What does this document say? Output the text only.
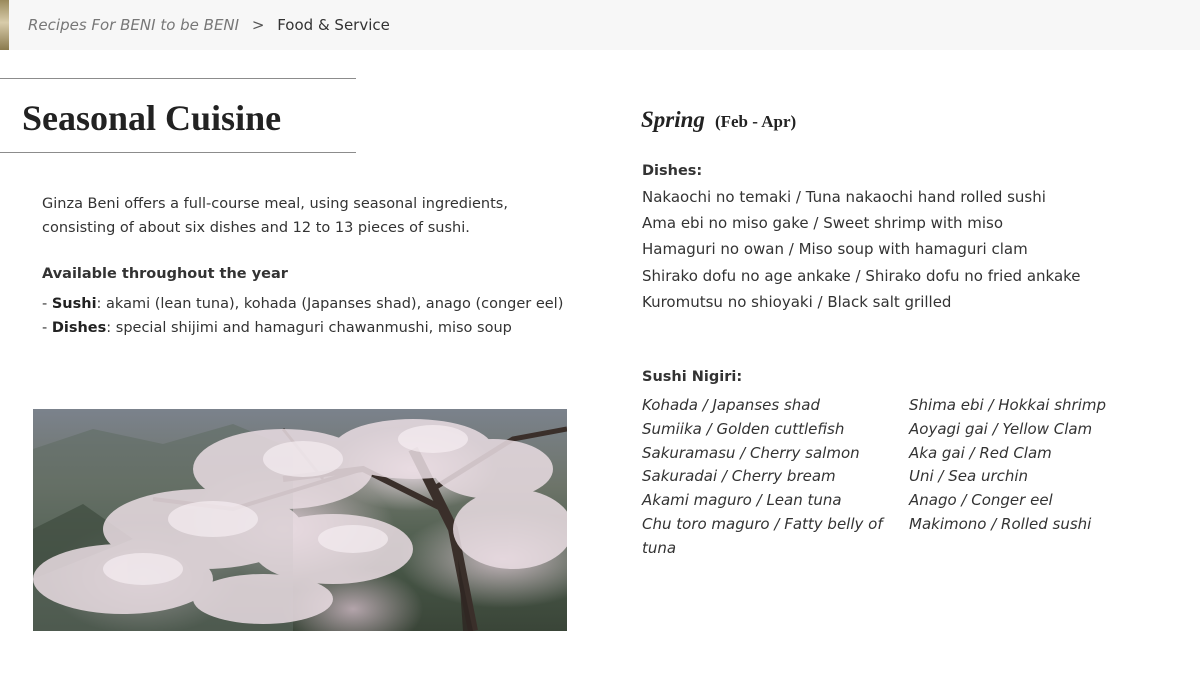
Recipes For BENI to be BENI > Food & Service
Seasonal Cuisine

Ginza Beni offers a full-course meal, using seasonal ingredients, consisting of about six dishes and 12 to 13 pieces of sushi.

Available throughout the year
- Sushi: akami (lean tuna), kohada (Japanses shad), anago (conger eel)
- Dishes: special shijimi and hamaguri chawanmushi, miso soup
Spring (Feb - Apr)
Dishes:
Nakaochi no temaki / Tuna nakaochi hand rolled sushi
Ama ebi no miso gake / Sweet shrimp with miso
Hamaguri no owan / Miso soup with hamaguri clam
Shirako dofu no age ankake / Shirako dofu no fried ankake
Kuromutsu no shioyaki / Black salt grilled
Sushi Nigiri:
Kohada / Japanses shad
Sumiika / Golden cuttlefish
Sakuramasu / Cherry salmon
Sakuradai / Cherry bream
Akami maguro / Lean tuna
Chu toro maguro / Fatty belly of tuna
Shima ebi / Hokkai shrimp
Aoyagi gai / Yellow Clam
Aka gai / Red Clam
Uni / Sea urchin
Anago / Conger eel
Makimono / Rolled sushi
